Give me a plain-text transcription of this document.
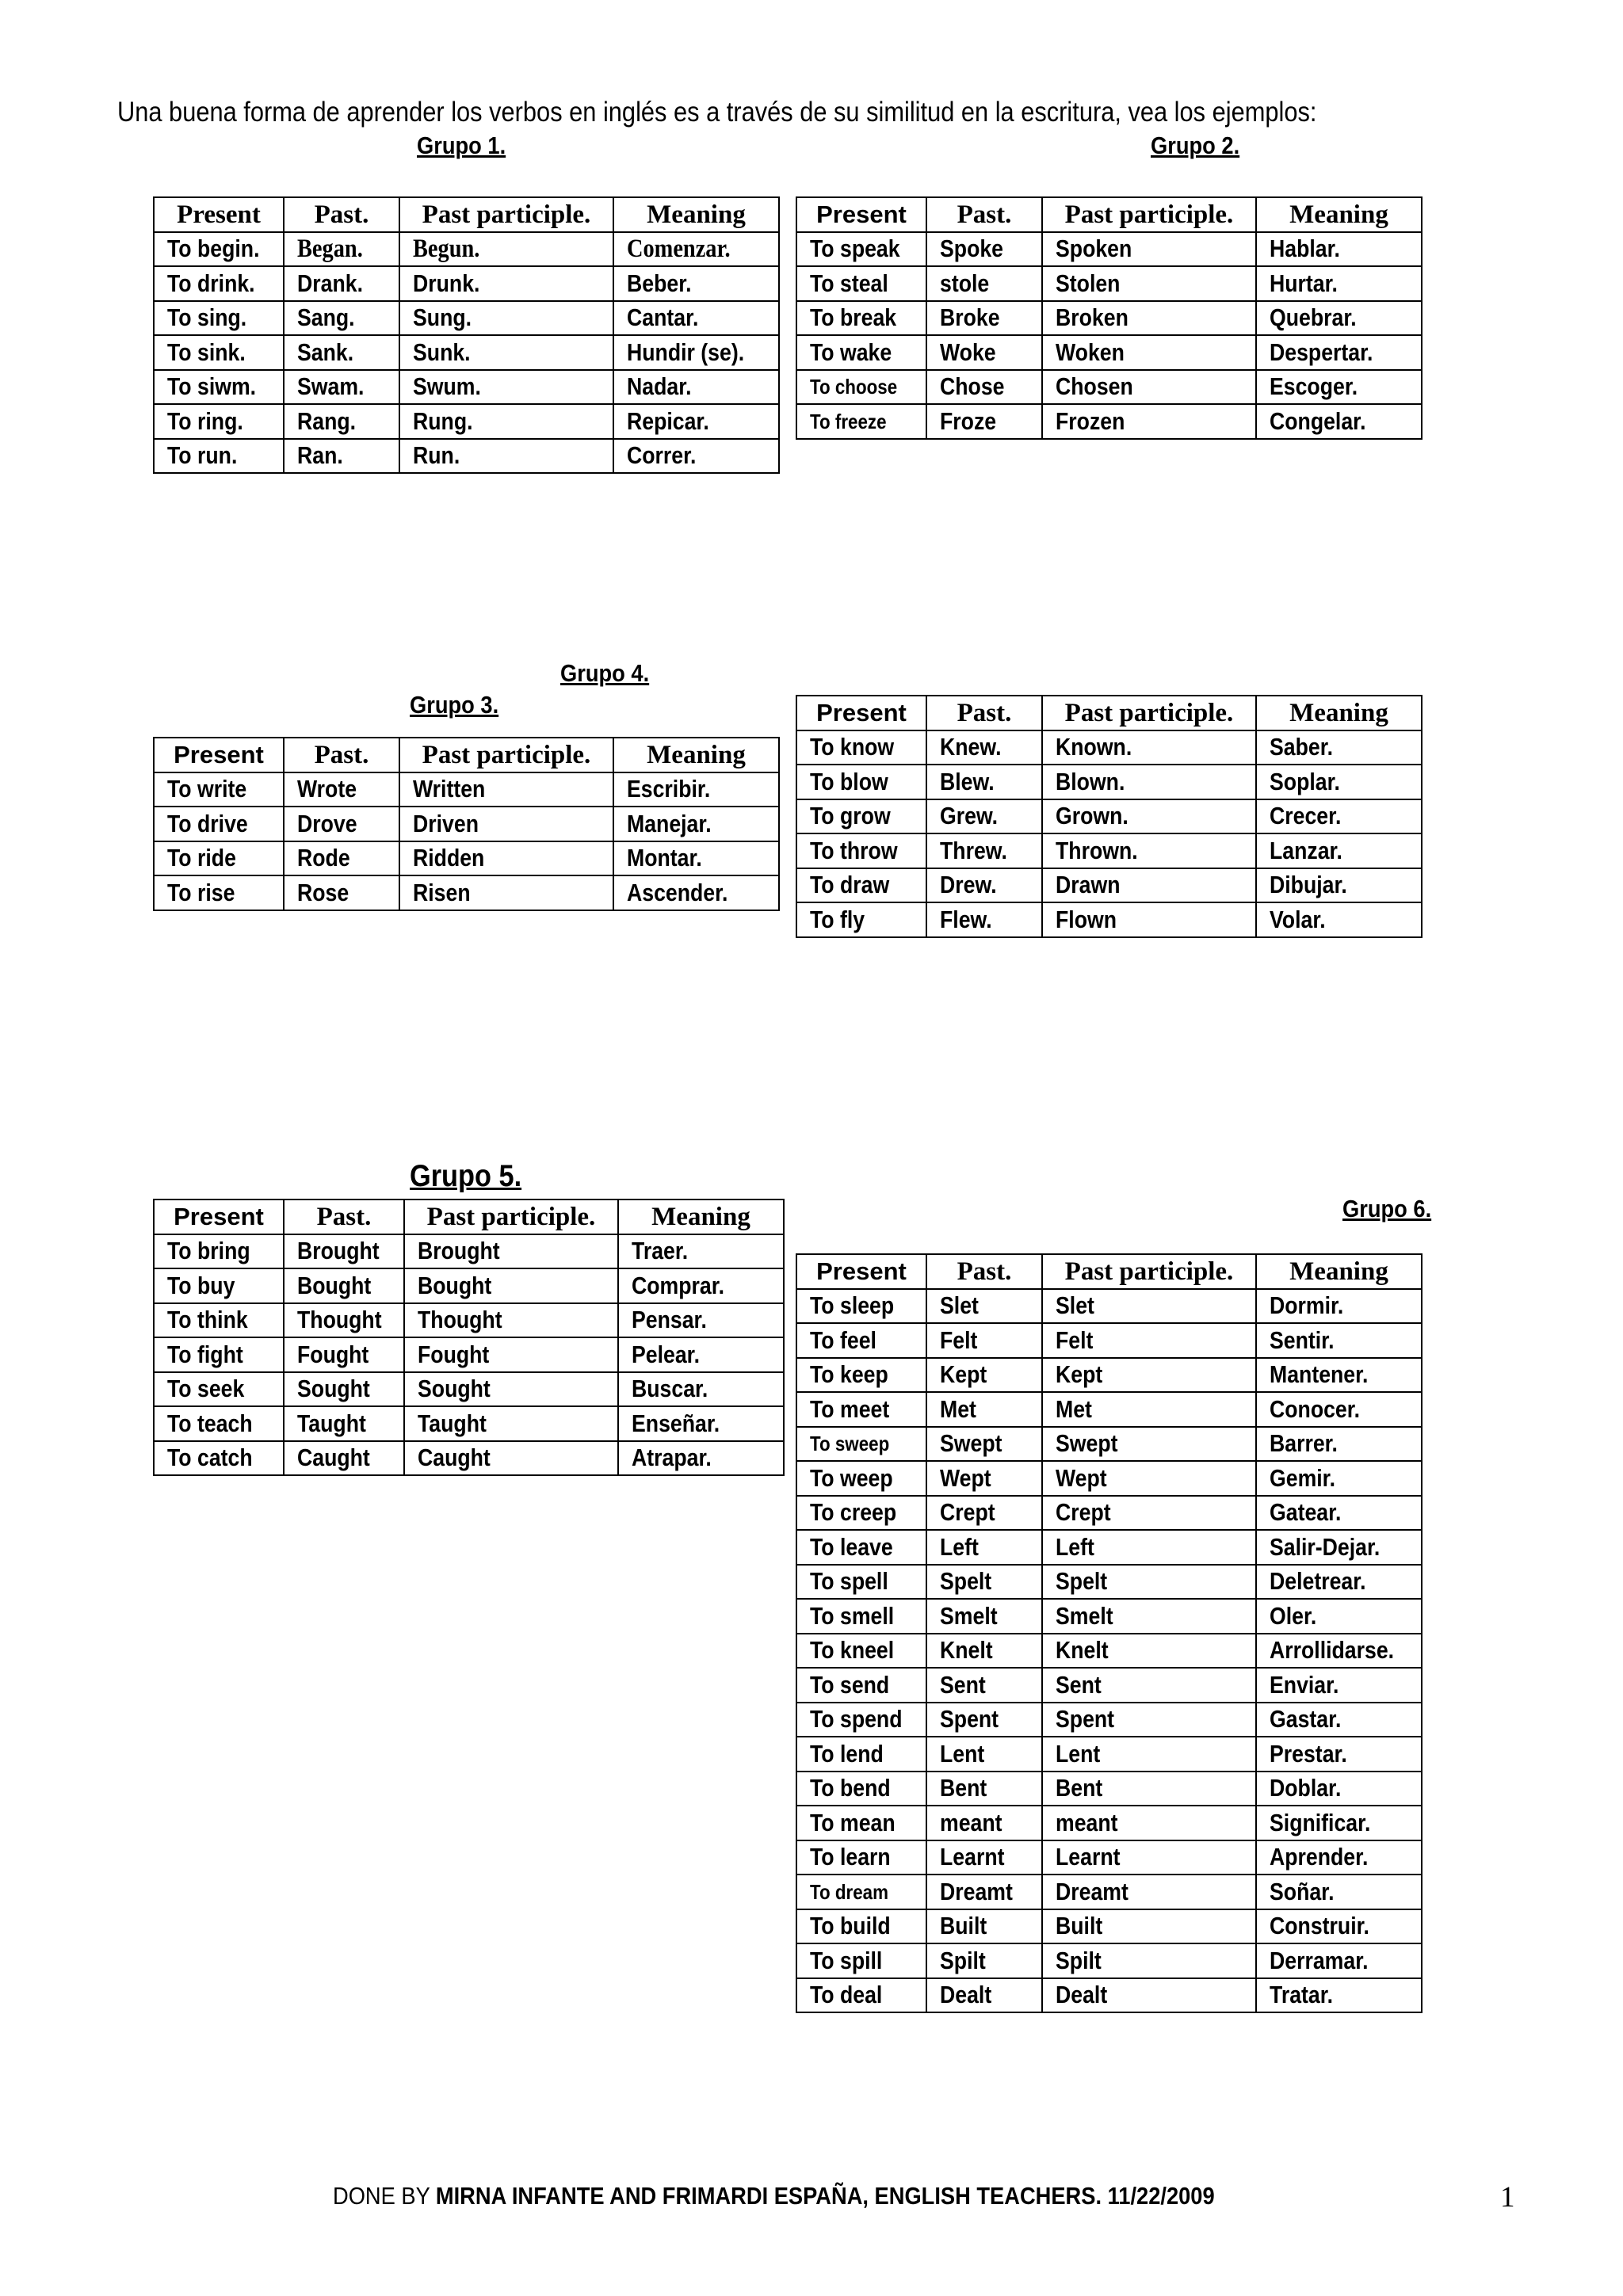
Una buena forma de aprender los verbos en inglés es a través de su similitud en la escritura, vea los ejemplos:
Grupo 1.	Grupo 2.
Grupo 4.
Grupo 3.
Grupo 5.
Grupo 6.
Present	Past.	Past participle.	Meaning
To begin.	Began.	Begun.	Comenzar.
To drink.	Drank.	Drunk.	Beber.
To sing.	Sang.	Sung.	Cantar.
To sink.	Sank.	Sunk.	Hundir (se).
To siwm.	Swam.	Swum.	Nadar.
To ring.	Rang.	Rung.	Repicar.
To run.	Ran.	Run.	Correr.
Present	Past.	Past participle.	Meaning
To speak	Spoke	Spoken	Hablar.
To steal	stole	Stolen	Hurtar.
To break	Broke	Broken	Quebrar.
To wake	Woke	Woken	Despertar.
To choose	Chose	Chosen	Escoger.
To freeze	Froze	Frozen	Congelar.
Present	Past.	Past participle.	Meaning
To write	Wrote	Written	Escribir.
To drive	Drove	Driven	Manejar.
To ride	Rode	Ridden	Montar.
To rise	Rose	Risen	Ascender.
Present	Past.	Past participle.	Meaning
To know	Knew.	Known.	Saber.
To blow	Blew.	Blown.	Soplar.
To grow	Grew.	Grown.	Crecer.
To throw	Threw.	Thrown.	Lanzar.
To draw	Drew.	Drawn	Dibujar.
To fly	Flew.	Flown	Volar.
Present	Past.	Past participle.	Meaning
To bring	Brought	Brought	Traer.
To buy	Bought	Bought	Comprar.
To think	Thought	Thought	Pensar.
To fight	Fought	Fought	Pelear.
To seek	Sought	Sought	Buscar.
To teach	Taught	Taught	Enseñar.
To catch	Caught	Caught	Atrapar.
Present	Past.	Past participle.	Meaning
To sleep	Slet	Slet	Dormir.
To feel	Felt	Felt	Sentir.
To keep	Kept	Kept	Mantener.
To meet	Met	Met	Conocer.
To sweep	Swept	Swept	Barrer.
To weep	Wept	Wept	Gemir.
To creep	Crept	Crept	Gatear.
To leave	Left	Left	Salir-Dejar.
To spell	Spelt	Spelt	Deletrear.
To smell	Smelt	Smelt	Oler.
To kneel	Knelt	Knelt	Arrollidarse.
To send	Sent	Sent	Enviar.
To spend	Spent	Spent	Gastar.
To lend	Lent	Lent	Prestar.
To bend	Bent	Bent	Doblar.
To mean	meant	meant	Significar.
To learn	Learnt	Learnt	Aprender.
To dream	Dreamt	Dreamt	Soñar.
To build	Built	Built	Construir.
To spill	Spilt	Spilt	Derramar.
To deal	Dealt	Dealt	Tratar.
DONE BY MIRNA INFANTE AND FRIMARDI ESPAÑA, ENGLISH TEACHERS. 11/22/2009	1
